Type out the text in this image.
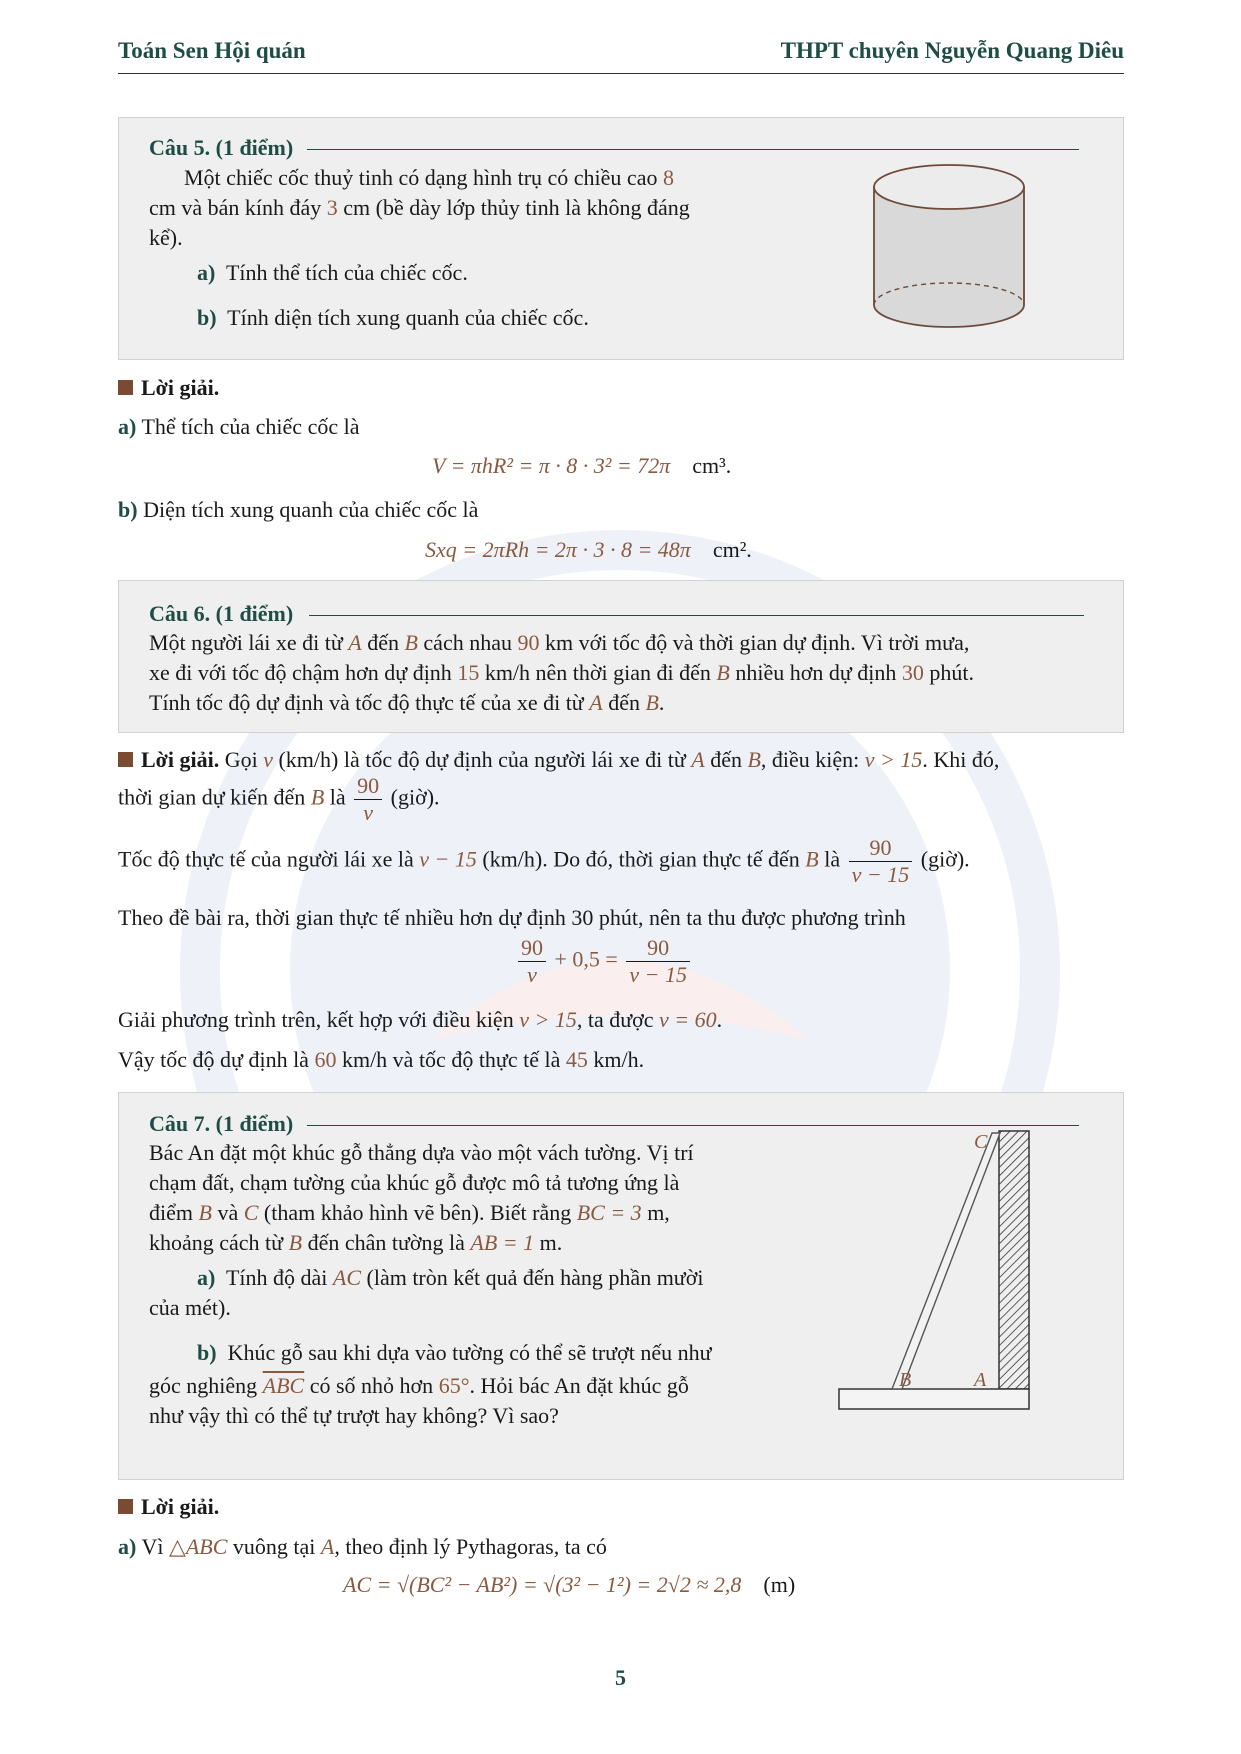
Toán Sen Hội quán	THPT chuyên Nguyễn Quang Diêu
Câu 5. (1 điểm)
Một chiếc cốc thuỷ tinh có dạng hình trụ có chiều cao 8
cm và bán kính đáy 3 cm (bề dày lớp thủy tinh là không đáng
kể).
a) Tính thể tích của chiếc cốc.
b) Tính diện tích xung quanh của chiếc cốc.
Lời giải.
a) Thể tích của chiếc cốc là
V = πhR² = π · 8 · 3² = 72π cm³.
b) Diện tích xung quanh của chiếc cốc là
Sxq = 2πRh = 2π · 3 · 8 = 48π cm².
Câu 6. (1 điểm)
Một người lái xe đi từ A đến B cách nhau 90 km với tốc độ và thời gian dự định. Vì trời mưa,
xe đi với tốc độ chậm hơn dự định 15 km/h nên thời gian đi đến B nhiều hơn dự định 30 phút.
Tính tốc độ dự định và tốc độ thực tế của xe đi từ A đến B.
Lời giải. Gọi v (km/h) là tốc độ dự định của người lái xe đi từ A đến B, điều kiện: v > 15. Khi đó,
thời gian dự kiến đến B là $\frac{90}{v}$ (giờ).
Tốc độ thực tế của người lái xe là v − 15 (km/h). Do đó, thời gian thực tế đến B là $\frac{90}{v - 15}$ (giờ).
Theo đề bài ra, thời gian thực tế nhiều hơn dự định 30 phút, nên ta thu được phương trình
$\frac{90}{v} + 0,5 = \frac{90}{v - 15}$
Giải phương trình trên, kết hợp với điều kiện v > 15, ta được v = 60.
Vậy tốc độ dự định là 60 km/h và tốc độ thực tế là 45 km/h.
Câu 7. (1 điểm)
Bác An đặt một khúc gỗ thẳng dựa vào một vách tường. Vị trí
chạm đất, chạm tường của khúc gỗ được mô tả tương ứng là
điểm B và C (tham khảo hình vẽ bên). Biết rằng BC = 3 m,
khoảng cách từ B đến chân tường là AB = 1 m.
a) Tính độ dài AC (làm tròn kết quả đến hàng phần mười
của mét).
b) Khúc gỗ sau khi dựa vào tường có thể sẽ trượt nếu như
góc nghiêng $\overline{ABC}$ có số nhỏ hơn 65°. Hỏi bác An đặt khúc gỗ
như vậy thì có thể tự trượt hay không? Vì sao?
C
B	A
Lời giải.
a) Vì △ABC vuông tại A, theo định lý Pythagoras, ta có
AC = √(BC² − AB²) = √(3² − 1²) = 2√2 ≈ 2,8 (m)
5
